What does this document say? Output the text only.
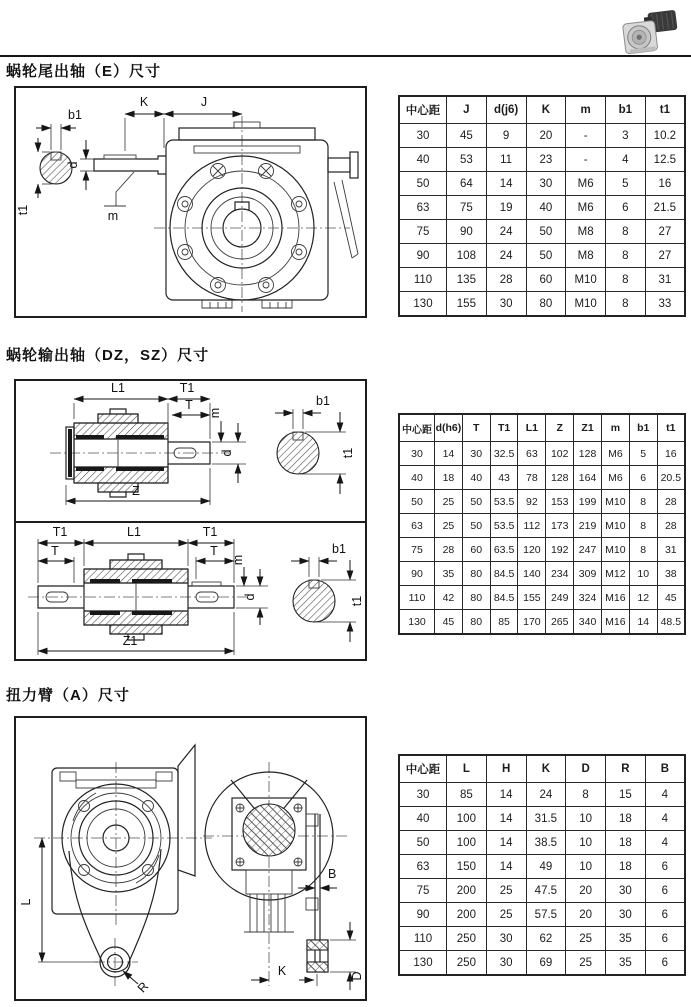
蜗轮尾出轴（E）尺寸
K	J
b1
t1
d
m
中心距	J	d(j6)	K	m	b1	t1
30	45	9	20	-	3	10.2
40	53	11	23	-	4	12.5
50	64	14	30	M6	5	16
63	75	19	40	M6	6	21.5
75	90	24	50	M8	8	27
90	108	24	50	M8	8	27
110	135	28	60	M10	8	31
130	155	30	80	M10	8	33
蜗轮输出轴（DZ，SZ）尺寸
L1	T1
T
m
d
Z
b1
t1
T1	L1	T1
T	T
m
d
Z1
b1
t1
中心距	d(h6)	T	T1	L1	Z	Z1	m	b1	t1
30	14	30	32.5	63	102	128	M6	5	16
40	18	40	43	78	128	164	M6	6	20.5
50	25	50	53.5	92	153	199	M10	8	28
63	25	50	53.5	112	173	219	M10	8	28
75	28	60	63.5	120	192	247	M10	8	31
90	35	80	84.5	140	234	309	M12	10	38
110	42	80	84.5	155	249	324	M16	12	45
130	45	80	85	170	265	340	M16	14	48.5
扭力臂（A）尺寸
L
R
B
D
K
中心距	L	H	K	D	R	B
30	85	14	24	8	15	4
40	100	14	31.5	10	18	4
50	100	14	38.5	10	18	4
63	150	14	49	10	18	6
75	200	25	47.5	20	30	6
90	200	25	57.5	20	30	6
110	250	30	62	25	35	6
130	250	30	69	25	35	6
